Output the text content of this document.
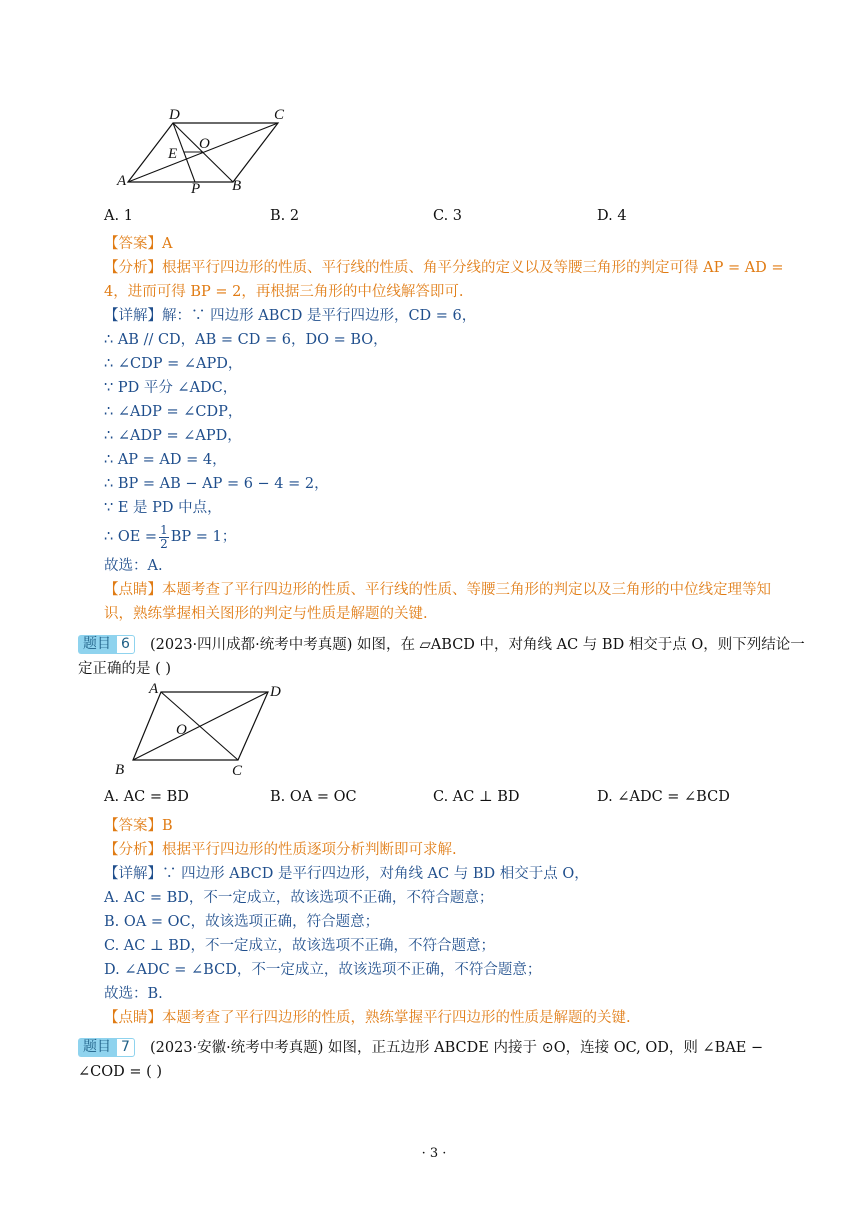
D	C
E
O
A	P B
A. 1	B. 2	C. 3	D. 4
【答案】A
【分析】根据平行四边形的性质、平行线的性质、角平分线的定义以及等腰三角形的判定可得 AP = AD =
4，进而可得 BP = 2，再根据三角形的中位线解答即可.
【详解】解：∵ 四边形 ABCD 是平行四边形，CD = 6，
∴ AB // CD，AB = CD = 6，DO = BO，
∴ ∠CDP = ∠APD，
∵ PD 平分 ∠ADC，
∴ ∠ADP = ∠CDP，
∴ ∠ADP = ∠APD，
∴ AP = AD = 4，
∴ BP = AB − AP = 6 − 4 = 2，
∵ E 是 PD 中点，
∴ OE = $\frac{1}{2}$ BP = 1；
故选：A.
【点睛】本题考查了平行四边形的性质、平行线的性质、等腰三角形的判定以及三角形的中位线定理等知
识，熟练掌握相关图形的判定与性质是解题的关键.
题目 6	(2023·四川成都·统考中考真题) 如图，在 ▱ABCD 中，对角线 AC 与 BD 相交于点 O，则下列结论一
定正确的是 ( )
A	D
O
B	C
A. AC = BD	B. OA = OC	C. AC ⊥ BD	D. ∠ADC = ∠BCD
【答案】B
【分析】根据平行四边形的性质逐项分析判断即可求解.
【详解】∵ 四边形 ABCD 是平行四边形，对角线 AC 与 BD 相交于点 O，
A. AC = BD，不一定成立，故该选项不正确，不符合题意；
B. OA = OC，故该选项正确，符合题意；
C. AC ⊥ BD，不一定成立，故该选项不正确，不符合题意；
D. ∠ADC = ∠BCD，不一定成立，故该选项不正确，不符合题意；
故选：B.
【点睛】本题考查了平行四边形的性质，熟练掌握平行四边形的性质是解题的关键.
题目 7	(2023·安徽·统考中考真题) 如图，正五边形 ABCDE 内接于 ⊙O，连接 OC, OD，则 ∠BAE −
∠COD = ( )
· 3 ·
